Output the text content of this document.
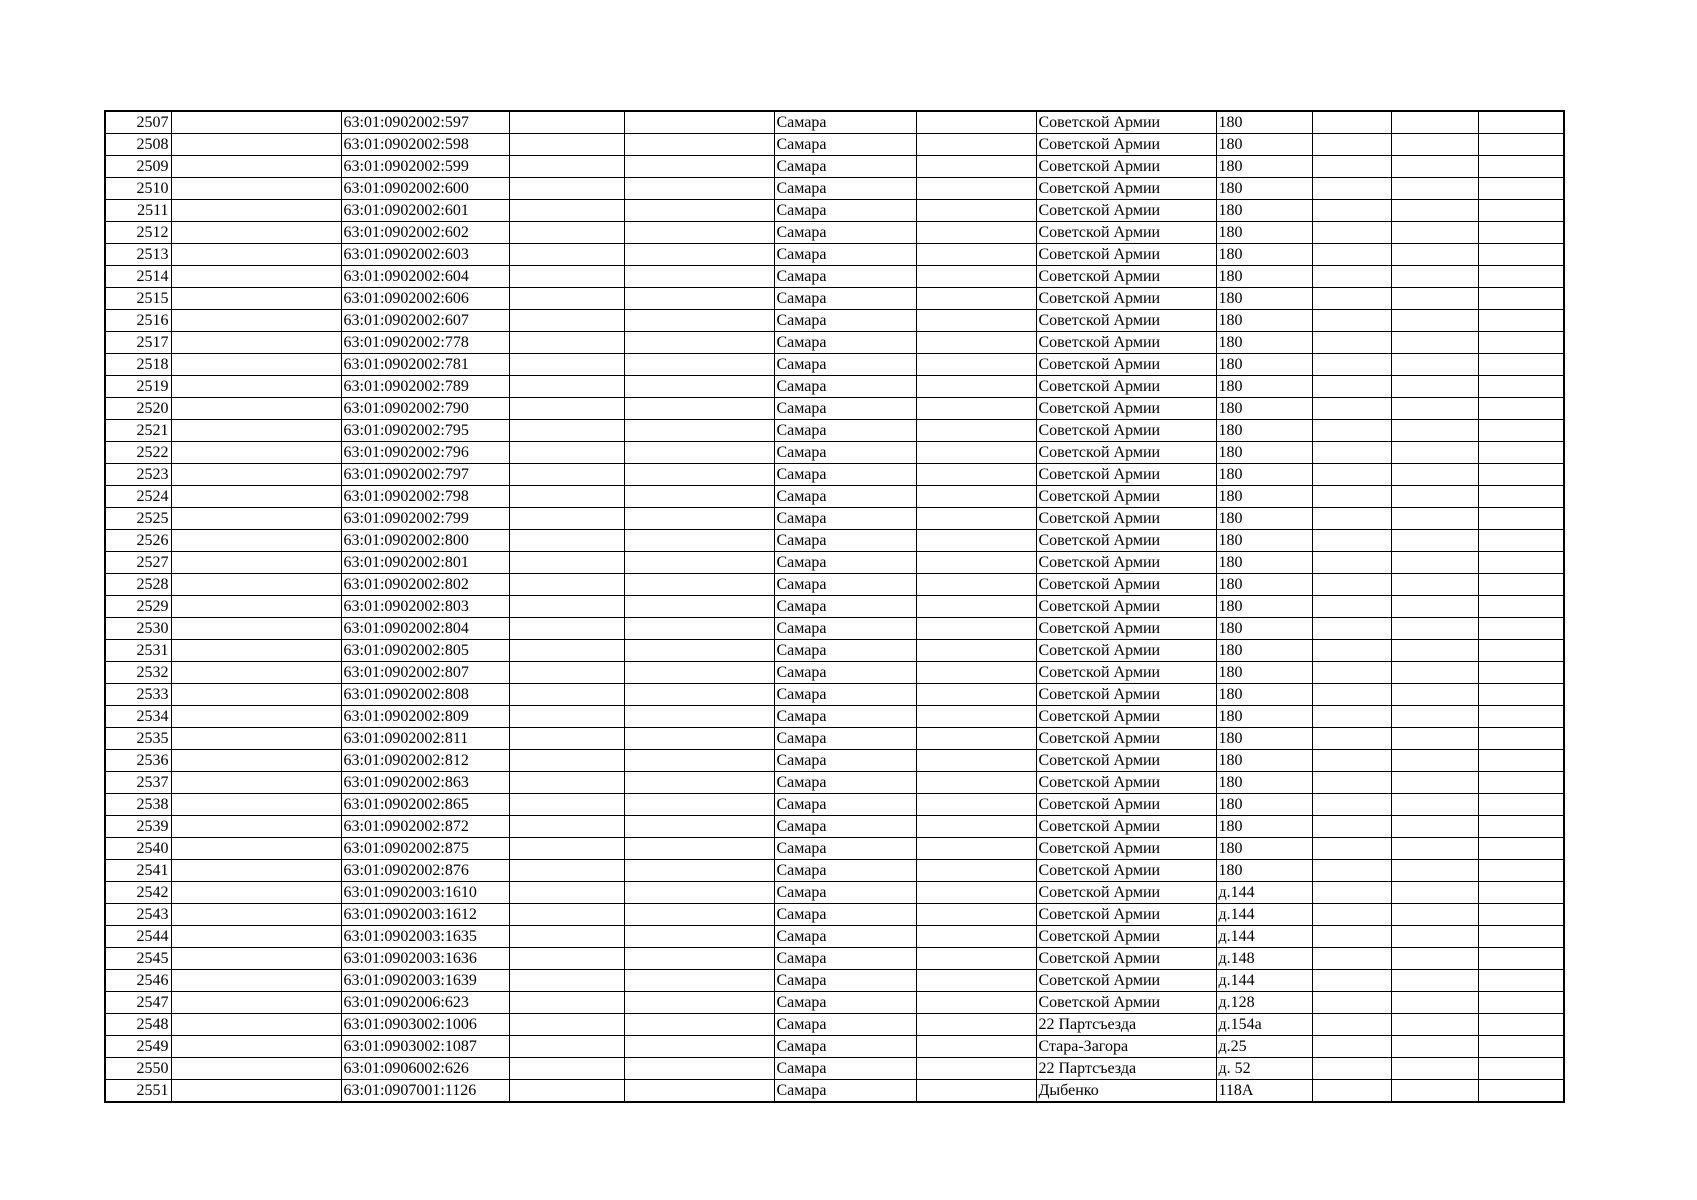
2507		63:01:0902002:597			Самара		Советской Армии	180			
2508		63:01:0902002:598			Самара		Советской Армии	180			
2509		63:01:0902002:599			Самара		Советской Армии	180			
2510		63:01:0902002:600			Самара		Советской Армии	180			
2511		63:01:0902002:601			Самара		Советской Армии	180			
2512		63:01:0902002:602			Самара		Советской Армии	180			
2513		63:01:0902002:603			Самара		Советской Армии	180			
2514		63:01:0902002:604			Самара		Советской Армии	180			
2515		63:01:0902002:606			Самара		Советской Армии	180			
2516		63:01:0902002:607			Самара		Советской Армии	180			
2517		63:01:0902002:778			Самара		Советской Армии	180			
2518		63:01:0902002:781			Самара		Советской Армии	180			
2519		63:01:0902002:789			Самара		Советской Армии	180			
2520		63:01:0902002:790			Самара		Советской Армии	180			
2521		63:01:0902002:795			Самара		Советской Армии	180			
2522		63:01:0902002:796			Самара		Советской Армии	180			
2523		63:01:0902002:797			Самара		Советской Армии	180			
2524		63:01:0902002:798			Самара		Советской Армии	180			
2525		63:01:0902002:799			Самара		Советской Армии	180			
2526		63:01:0902002:800			Самара		Советской Армии	180			
2527		63:01:0902002:801			Самара		Советской Армии	180			
2528		63:01:0902002:802			Самара		Советской Армии	180			
2529		63:01:0902002:803			Самара		Советской Армии	180			
2530		63:01:0902002:804			Самара		Советской Армии	180			
2531		63:01:0902002:805			Самара		Советской Армии	180			
2532		63:01:0902002:807			Самара		Советской Армии	180			
2533		63:01:0902002:808			Самара		Советской Армии	180			
2534		63:01:0902002:809			Самара		Советской Армии	180			
2535		63:01:0902002:811			Самара		Советской Армии	180			
2536		63:01:0902002:812			Самара		Советской Армии	180			
2537		63:01:0902002:863			Самара		Советской Армии	180			
2538		63:01:0902002:865			Самара		Советской Армии	180			
2539		63:01:0902002:872			Самара		Советской Армии	180			
2540		63:01:0902002:875			Самара		Советской Армии	180			
2541		63:01:0902002:876			Самара		Советской Армии	180			
2542		63:01:0902003:1610			Самара		Советской Армии	д.144			
2543		63:01:0902003:1612			Самара		Советской Армии	д.144			
2544		63:01:0902003:1635			Самара		Советской Армии	д.144			
2545		63:01:0902003:1636			Самара		Советской Армии	д.148			
2546		63:01:0902003:1639			Самара		Советской Армии	д.144			
2547		63:01:0902006:623			Самара		Советской Армии	д.128			
2548		63:01:0903002:1006			Самара		22 Партсъезда	д.154а			
2549		63:01:0903002:1087			Самара		Стара-Загора	д.25			
2550		63:01:0906002:626			Самара		22 Партсъезда	д. 52			
2551		63:01:0907001:1126			Самара		Дыбенко	118А			
